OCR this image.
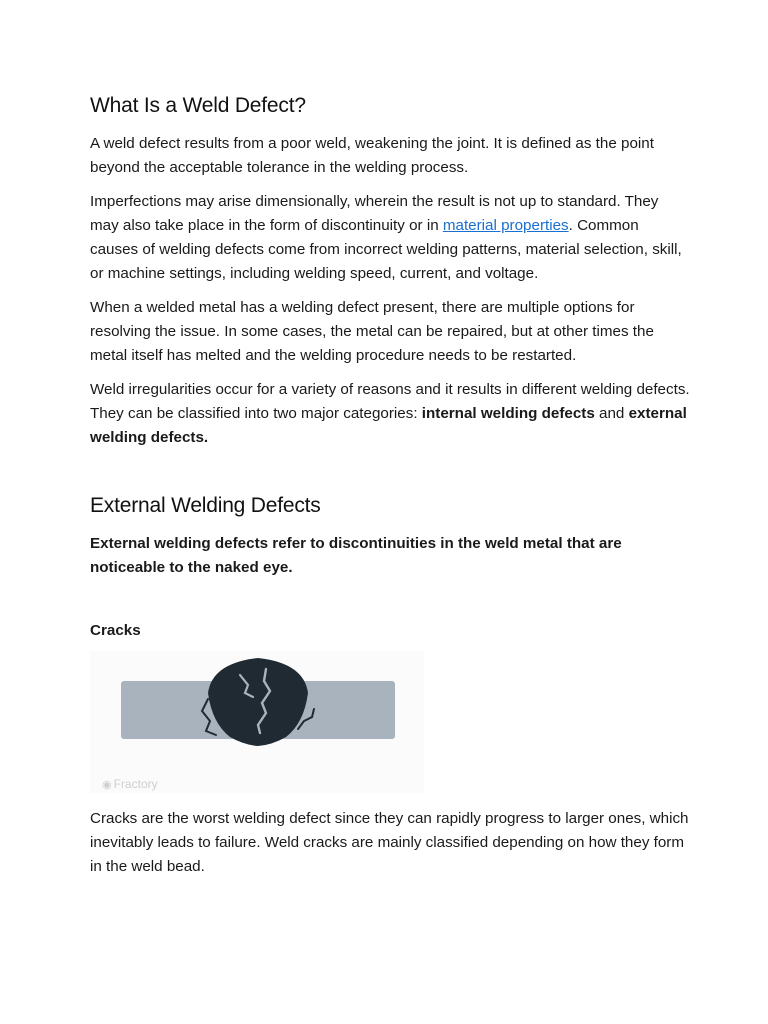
What Is a Weld Defect?

A weld defect results from a poor weld, weakening the joint. It is defined as the point beyond the acceptable tolerance in the welding process.

Imperfections may arise dimensionally, wherein the result is not up to standard. They may also take place in the form of discontinuity or in material properties. Common causes of welding defects come from incorrect welding patterns, material selection, skill, or machine settings, including welding speed, current, and voltage.

When a welded metal has a welding defect present, there are multiple options for resolving the issue. In some cases, the metal can be repaired, but at other times the metal itself has melted and the welding procedure needs to be restarted.

Weld irregularities occur for a variety of reasons and it results in different welding defects. They can be classified into two major categories: internal welding defects and external welding defects.

External Welding Defects

External welding defects refer to discontinuities in the weld metal that are noticeable to the naked eye.

Cracks
◉ Fractory

Cracks are the worst welding defect since they can rapidly progress to larger ones, which inevitably leads to failure. Weld cracks are mainly classified depending on how they form in the weld bead.
